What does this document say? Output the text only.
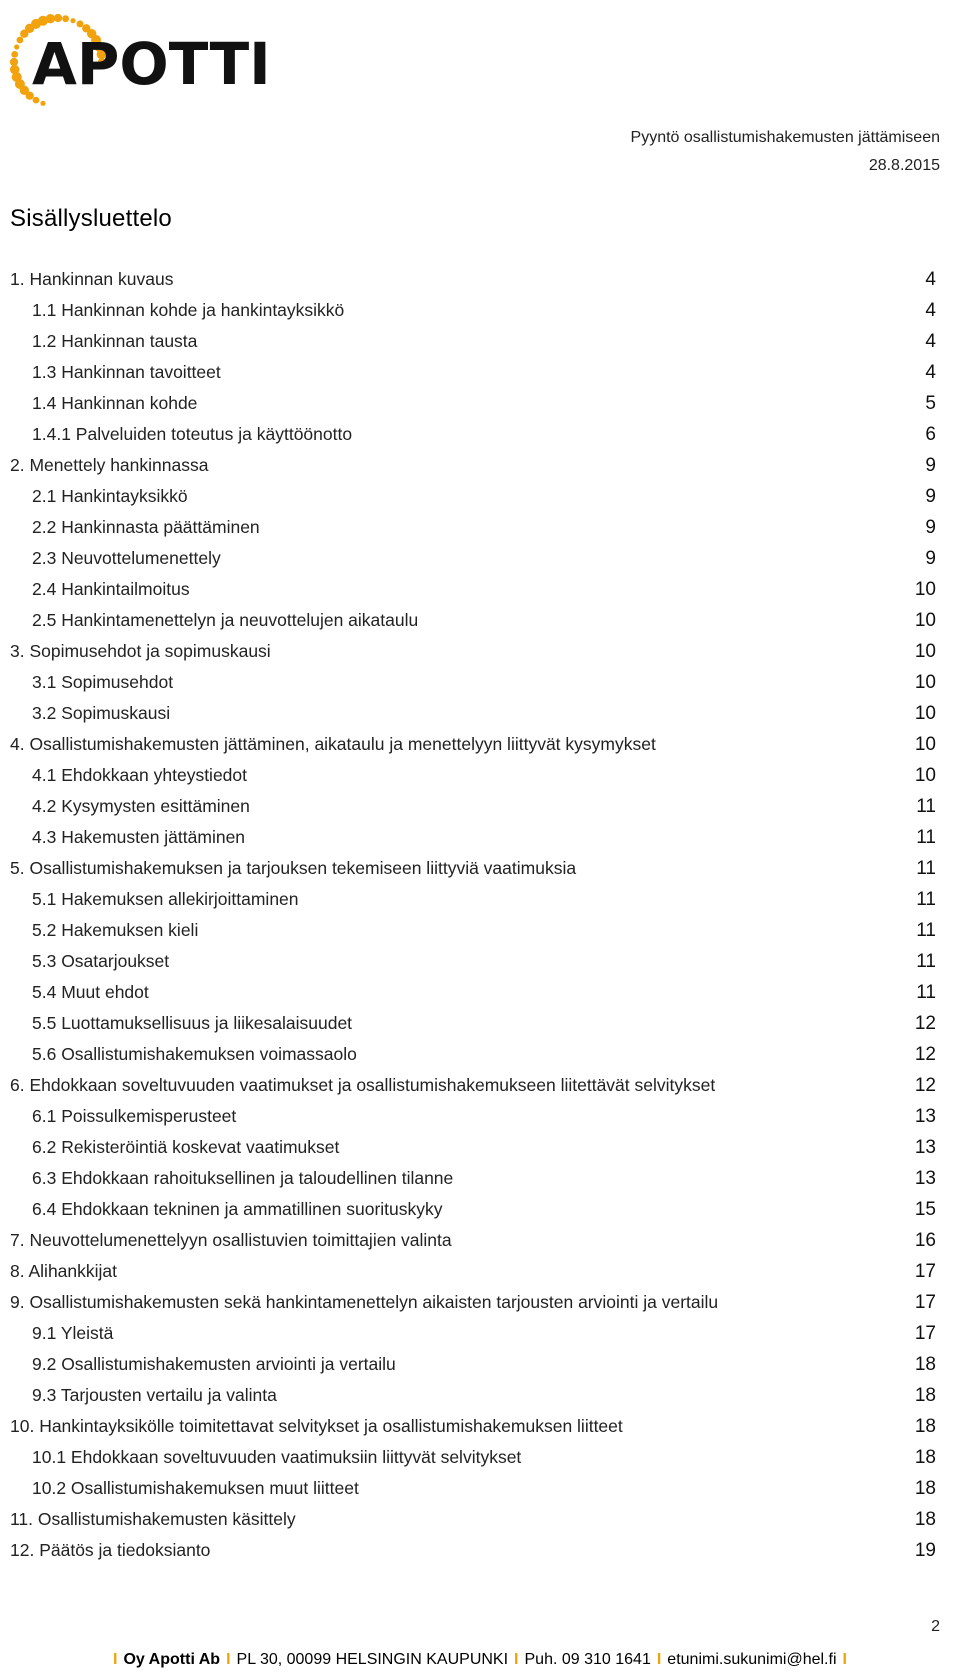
APOTTI
Pyyntö osallistumishakemusten jättämiseen
28.8.2015
Sisällysluettelo
1. Hankinnan kuvaus	4
1.1 Hankinnan kohde ja hankintayksikkö	4
1.2 Hankinnan tausta	4
1.3 Hankinnan tavoitteet	4
1.4 Hankinnan kohde	5
1.4.1 Palveluiden toteutus ja käyttöönotto	6
2. Menettely hankinnassa	9
2.1 Hankintayksikkö	9
2.2 Hankinnasta päättäminen	9
2.3 Neuvottelumenettely	9
2.4 Hankintailmoitus	10
2.5 Hankintamenettelyn ja neuvottelujen aikataulu	10
3. Sopimusehdot ja sopimuskausi	10
3.1 Sopimusehdot	10
3.2 Sopimuskausi	10
4. Osallistumishakemusten jättäminen, aikataulu ja menettelyyn liittyvät kysymykset	10
4.1 Ehdokkaan yhteystiedot	10
4.2 Kysymysten esittäminen	11
4.3 Hakemusten jättäminen	11
5. Osallistumishakemuksen ja tarjouksen tekemiseen liittyviä vaatimuksia	11
5.1 Hakemuksen allekirjoittaminen	11
5.2 Hakemuksen kieli	11
5.3 Osatarjoukset	11
5.4 Muut ehdot	11
5.5 Luottamuksellisuus ja liikesalaisuudet	12
5.6 Osallistumishakemuksen voimassaolo	12
6. Ehdokkaan soveltuvuuden vaatimukset ja osallistumishakemukseen liitettävät selvitykset	12
6.1 Poissulkemisperusteet	13
6.2 Rekisteröintiä koskevat vaatimukset	13
6.3 Ehdokkaan rahoituksellinen ja taloudellinen tilanne	13
6.4 Ehdokkaan tekninen ja ammatillinen suorituskyky	15
7. Neuvottelumenettelyyn osallistuvien toimittajien valinta	16
8. Alihankkijat	17
9. Osallistumishakemusten sekä hankintamenettelyn aikaisten tarjousten arviointi ja vertailu	17
9.1 Yleistä	17
9.2 Osallistumishakemusten arviointi ja vertailu	18
9.3 Tarjousten vertailu ja valinta	18
10. Hankintayksikölle toimitettavat selvitykset ja osallistumishakemuksen liitteet	18
10.1 Ehdokkaan soveltuvuuden vaatimuksiin liittyvät selvitykset	18
10.2 Osallistumishakemuksen muut liitteet	18
11. Osallistumishakemusten käsittely	18
12. Päätös ja tiedoksianto	19
2
I Oy Apotti Ab I PL 30, 00099 HELSINGIN KAUPUNKI I Puh. 09 310 1641 I etunimi.sukunimi@hel.fi I
